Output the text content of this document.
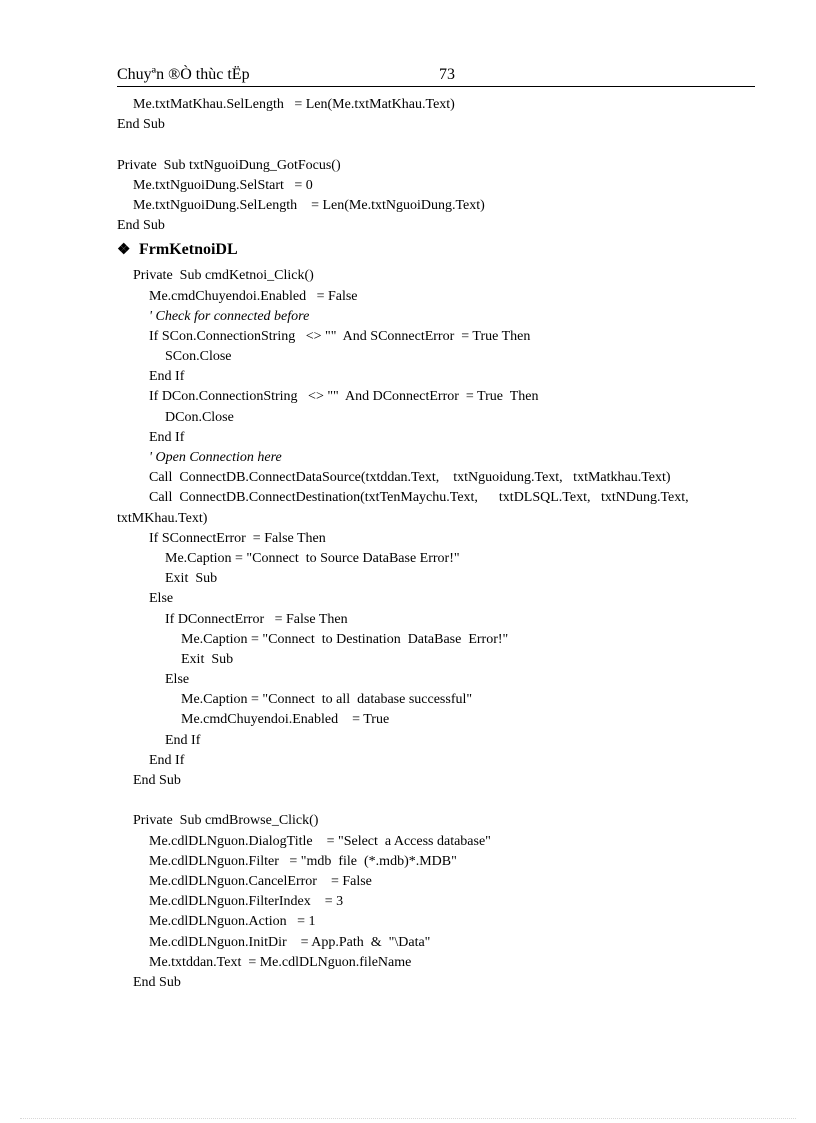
Chuyªn ®Ò thùc tËp	73
Me.txtMatKhau.SelLength   = Len(Me.txtMatKhau.Text)
End Sub
Private  Sub txtNguoiDung_GotFocus()
Me.txtNguoiDung.SelStart   = 0
Me.txtNguoiDung.SelLength    = Len(Me.txtNguoiDung.Text)
End Sub
❖ FrmKetnoiDL
Private  Sub cmdKetnoi_Click()
Me.cmdChuyendoi.Enabled   = False
' Check for connected before
If SCon.ConnectionString   <> ""  And SConnectError  = True Then
SCon.Close
End If
If DCon.ConnectionString   <> ""  And DConnectError  = True  Then
DCon.Close
End If
' Open Connection here
Call  ConnectDB.ConnectDataSource(txtddan.Text,    txtNguoidung.Text,   txtMatkhau.Text)
Call  ConnectDB.ConnectDestination(txtTenMaychu.Text,      txtDLSQL.Text,   txtNDung.Text,
txtMKhau.Text)
If SConnectError  = False Then
Me.Caption = "Connect  to Source DataBase Error!"
Exit  Sub
Else
If DConnectError   = False Then
Me.Caption = "Connect  to Destination  DataBase  Error!"
Exit  Sub
Else
Me.Caption = "Connect  to all  database successful"
Me.cmdChuyendoi.Enabled    = True
End If
End If
End Sub
Private  Sub cmdBrowse_Click()
Me.cdlDLNguon.DialogTitle    = "Select  a Access database"
Me.cdlDLNguon.Filter   = "mdb  file  (*.mdb)*.MDB"
Me.cdlDLNguon.CancelError    = False
Me.cdlDLNguon.FilterIndex    = 3
Me.cdlDLNguon.Action   = 1
Me.cdlDLNguon.InitDir    = App.Path  &  "\Data"
Me.txtddan.Text  = Me.cdlDLNguon.fileName
End Sub
